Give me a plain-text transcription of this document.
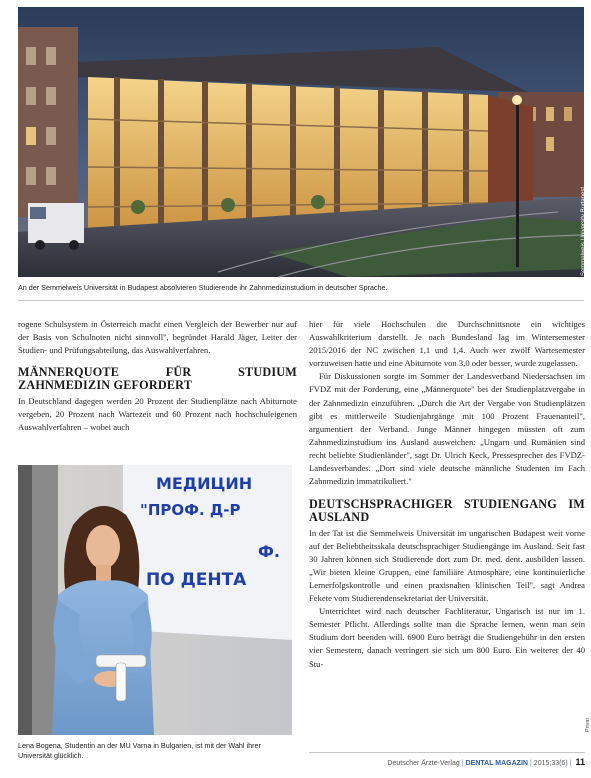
Semmelweis University Budapest
An der Semmelweis Universität in Budapest absolvieren Studierende ihr Zahnmedizinstudium in deutscher Sprache.

rogene Schulsystem in Österreich macht einen Vergleich der Bewerber nur auf der Basis von Schulnoten nicht sinnvoll", begründet Harald Jäger, Leiter der Studien- und Prüfungsabteilung, das Auswahlverfahren.

MÄNNERQUOTE FÜR STUDIUM ZAHNMEDIZIN GEFORDERT

In Deutschland dagegen werden 20 Prozent der Studienplätze nach Abiturnote vergeben, 20 Prozent nach Wartezeit und 60 Prozent nach hochschuleigenen Auswahlverfahren – wobei auch

МЕДИЦИН
"ПРОФ. Д-Р
Ф.
ПО ДЕНТА
Privat
Lena Bogena, Studentin an der MU Varna in Bulgarien, ist mit der Wahl ihrer Universität glücklich.

hier für viele Hochschulen die Durchschnittsnote ein wichtiges Auswahlkriterium darstellt. Je nach Bundesland lag im Wintersemester 2015/2016 der NC zwischen 1,1 und 1,4. Auch wer zwölf Wartesemester vorzuweisen hatte und eine Abiturnote von 3,0 oder besser, wurde zugelassen.

Für Diskussionen sorgte im Sommer der Landesverband Niedersachsen im FVDZ mit der Forderung, eine „Männerquote" bei der Studienplatzvergabe in der Zahnmedizin einzuführen. „Durch die Art der Vergabe von Studienplätzen gibt es mittlerweile Studienjahrgänge mit 100 Prozent Frauenanteil", argumentiert der Verband. Junge Männer hingegen müssten oft zum Zahnmedizinstudium ins Ausland ausweichen: „Ungarn und Rumänien sind recht beliebte Studienländer", sagt Dr. Ulrich Keck, Pressesprecher des FVDZ-Landesverbandes. „Dort sind viele deutsche männliche Studenten im Fach Zahnmedizin immatrikuliert."

DEUTSCHSPRACHIGER STUDIENGANG IM AUSLAND

In der Tat ist die Semmelweis Universität im ungarischen Budapest weit vorne auf der Beliebtheitsskala deutschsprachiger Studiengänge im Ausland. Seit fast 30 Jahren können sich Studierende dort zum Dr. med. dent. ausbilden lassen. „Wir bieten kleine Gruppen, eine familiäre Atmosphäre, eine kontinuierliche Lernerfolgskontrolle und einen praxisnahen klinischen Teil", sagt Andrea Fekete vom Studierendensekretariat der Universität.

Unterrichtet wird nach deutscher Fachliteratur, Ungarisch ist nur im 1. Semester Pflicht. Allerdings sollte man die Sprache lernen, wenn man sein Studium dort beenden will. 6900 Euro beträgt die Studiengebühr in den ersten vier Semestern, danach verringert sie sich um 800 Euro. Ein weiterer der 40 Stu-

Deutscher Ärzte-Verlag | DENTAL MAGAZIN | 2015;33(6) | 11
